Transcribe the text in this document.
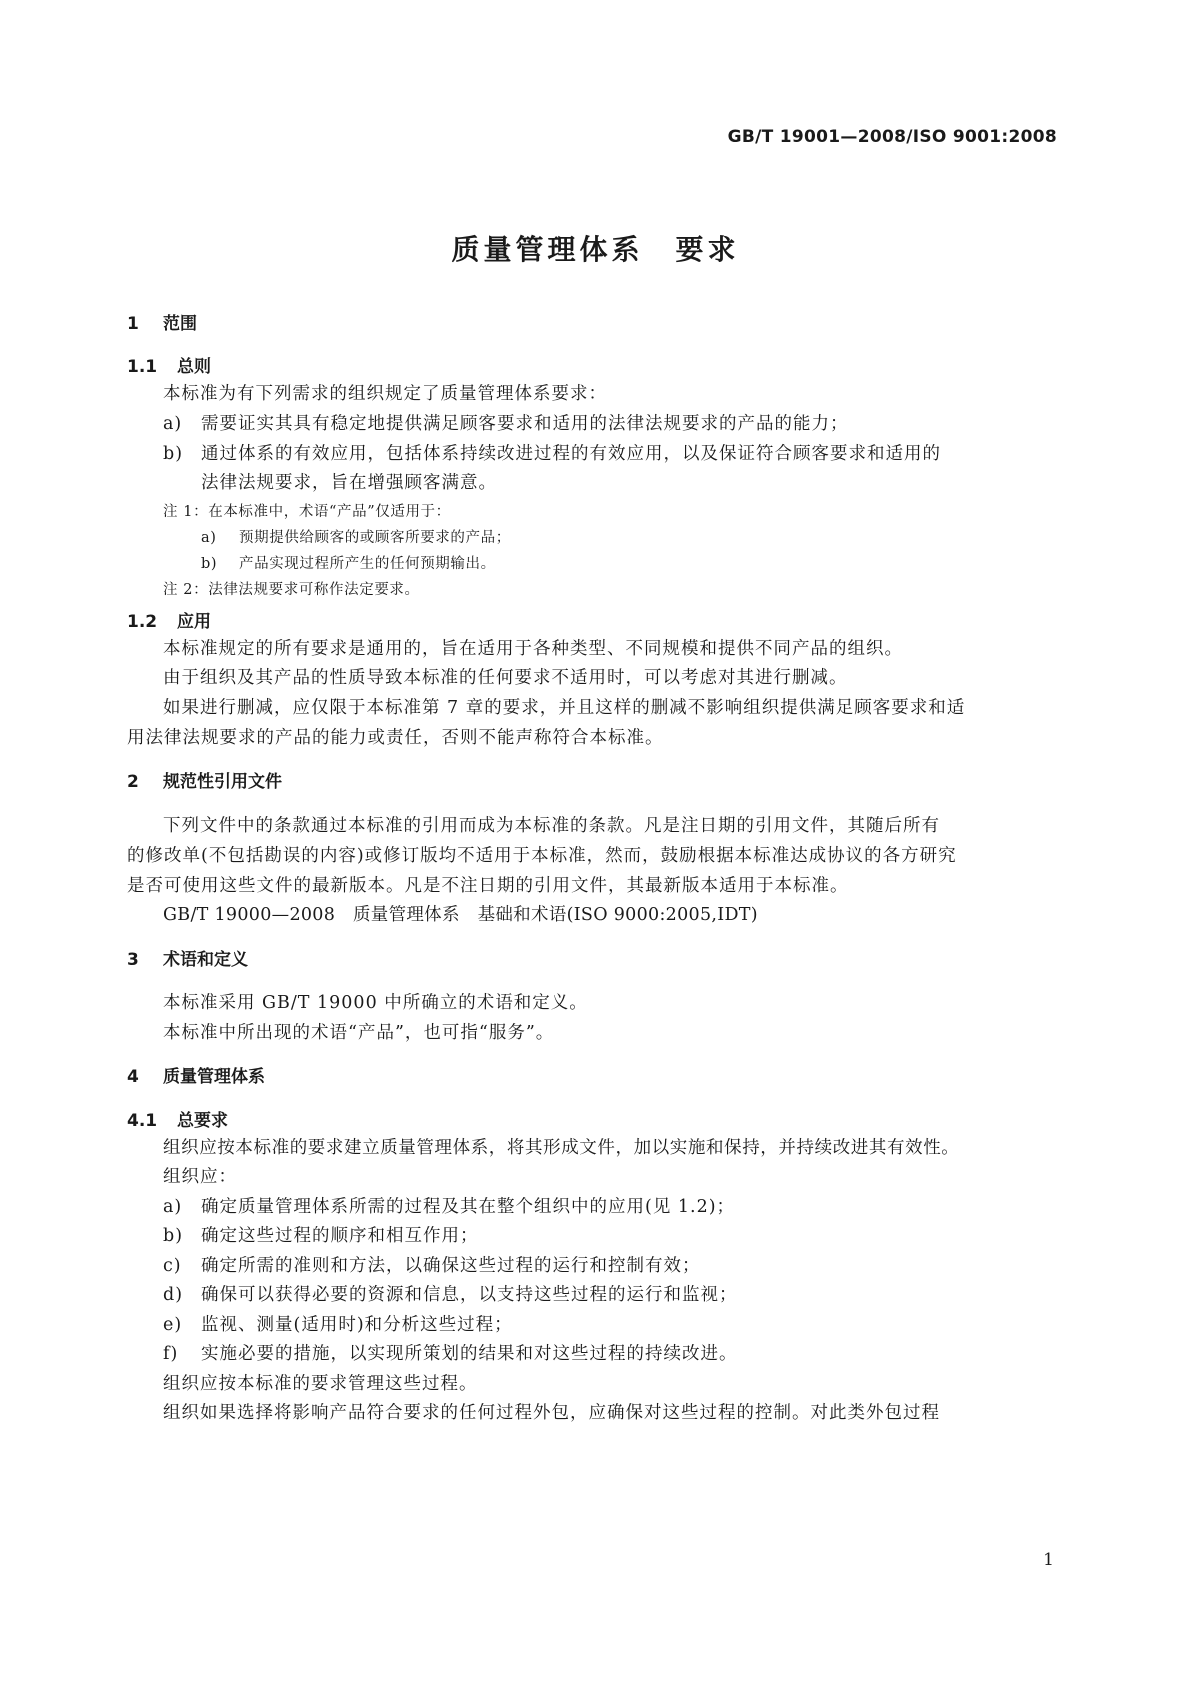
GB/T 19001—2008/ISO 9001:2008
质量管理体系　要求
1 范围
1.1 总则
本标准为有下列需求的组织规定了质量管理体系要求：
a) 需要证实其具有稳定地提供满足顾客要求和适用的法律法规要求的产品的能力；
b) 通过体系的有效应用，包括体系持续改进过程的有效应用，以及保证符合顾客要求和适用的
法律法规要求，旨在增强顾客满意。
注 1：在本标准中，术语“产品”仅适用于：
a) 预期提供给顾客的或顾客所要求的产品；
b) 产品实现过程所产生的任何预期输出。
注 2：法律法规要求可称作法定要求。
1.2 应用
本标准规定的所有要求是通用的，旨在适用于各种类型、不同规模和提供不同产品的组织。
由于组织及其产品的性质导致本标准的任何要求不适用时，可以考虑对其进行删减。
如果进行删减，应仅限于本标准第 7 章的要求，并且这样的删减不影响组织提供满足顾客要求和适
用法律法规要求的产品的能力或责任，否则不能声称符合本标准。
2 规范性引用文件
下列文件中的条款通过本标准的引用而成为本标准的条款。凡是注日期的引用文件，其随后所有
的修改单(不包括勘误的内容)或修订版均不适用于本标准，然而，鼓励根据本标准达成协议的各方研究
是否可使用这些文件的最新版本。凡是不注日期的引用文件，其最新版本适用于本标准。
GB/T 19000—2008　质量管理体系　基础和术语(ISO 9000:2005,IDT)
3 术语和定义
本标准采用 GB/T 19000 中所确立的术语和定义。
本标准中所出现的术语“产品”，也可指“服务”。
4 质量管理体系
4.1 总要求
组织应按本标准的要求建立质量管理体系，将其形成文件，加以实施和保持，并持续改进其有效性。
组织应：
a) 确定质量管理体系所需的过程及其在整个组织中的应用(见 1.2)；
b) 确定这些过程的顺序和相互作用；
c) 确定所需的准则和方法，以确保这些过程的运行和控制有效；
d) 确保可以获得必要的资源和信息，以支持这些过程的运行和监视；
e) 监视、测量(适用时)和分析这些过程；
f) 实施必要的措施，以实现所策划的结果和对这些过程的持续改进。
组织应按本标准的要求管理这些过程。
组织如果选择将影响产品符合要求的任何过程外包，应确保对这些过程的控制。对此类外包过程
1
